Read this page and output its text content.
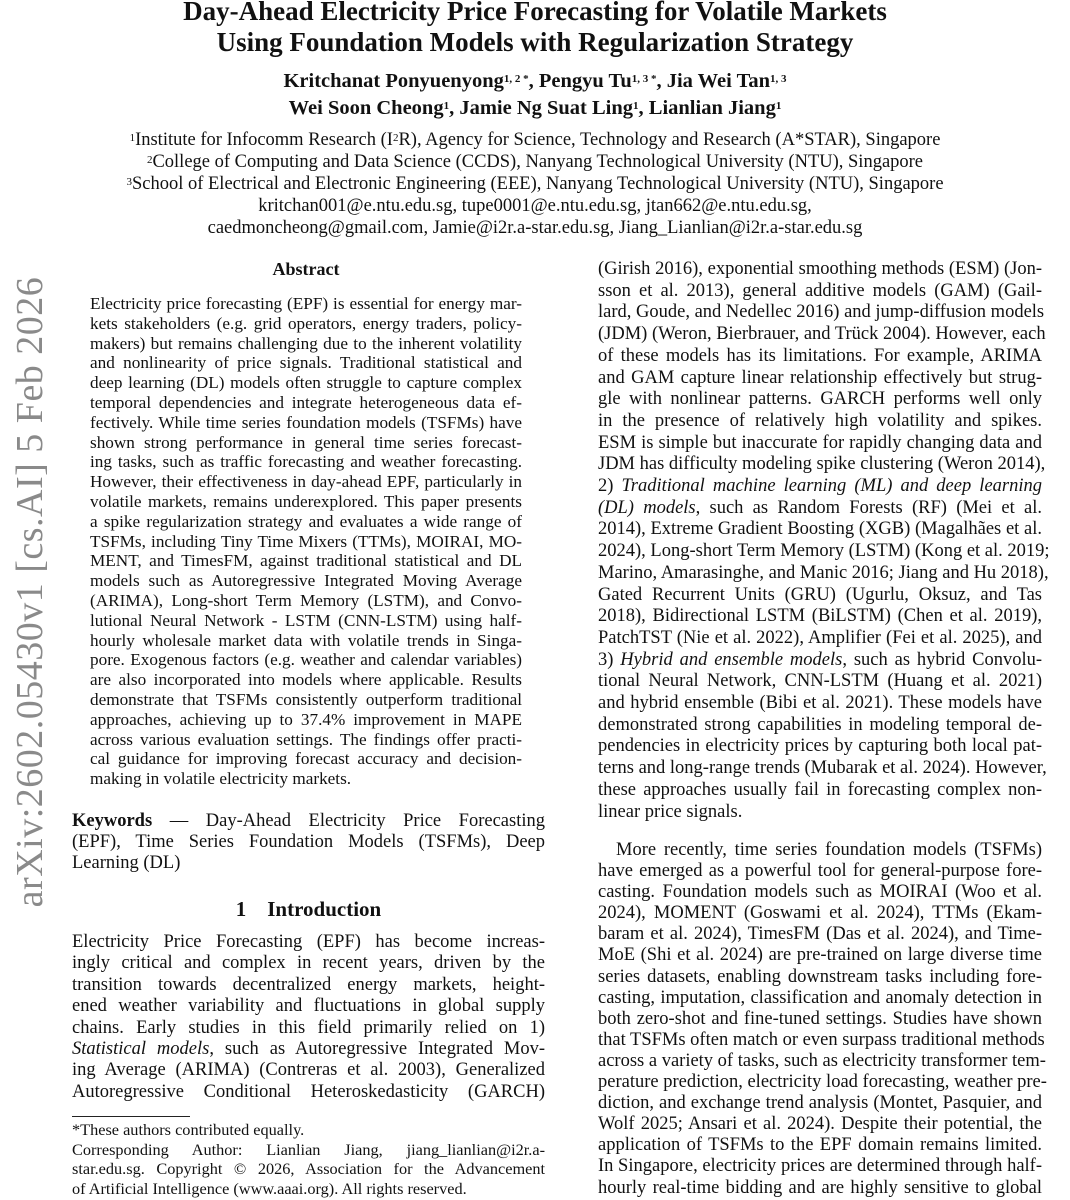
Day-Ahead Electricity Price Forecasting for Volatile Markets
Using Foundation Models with Regularization Strategy
Kritchanat Ponyuenyong$^{1, 2 *}$, Pengyu $Tu^{1, 3 *}$, Jia Wei Tan$^{1, 3}$
Wei Soon Cheong$^1$, Jamie Ng Suat Ling$^1$, Lianlian Jiang$^1$
$^1$Institute for Infocomm Research $(I^2R)$, Agency for Science, Technology and Research (A*STAR), Singapore
$^2$College of Computing and Data Science (CCDS), Nanyang Technological University (NTU), Singapore
$^3$School of Electrical and Electronic Engineering (EEE), Nanyang Technological University (NTU), Singapore
kritchan001@e.ntu.edu.sg, tupe0001@e.ntu.edu.sg, jtan662@e.ntu.edu.sg,
caedmoncheong@gmail.com, Jamie@i2r.a-star.edu.sg, Jiang_Lianlian@i2r.a-star.edu.sg
arXiv:2602.05430v1 [cs.AI] 5 Feb 2026
Abstract
Electricity price forecasting (EPF) is essential for energy mar-
kets stakeholders (e.g. grid operators, energy traders, policy-
makers) but remains challenging due to the inherent volatility
and nonlinearity of price signals. Traditional statistical and
deep learning (DL) models often struggle to capture complex
temporal dependencies and integrate heterogeneous data ef-
fectively. While time series foundation models (TSFMs) have
shown strong performance in general time series forecast-
ing tasks, such as traffic forecasting and weather forecasting.
However, their effectiveness in day-ahead EPF, particularly in
volatile markets, remains underexplored. This paper presents
a spike regularization strategy and evaluates a wide range of
TSFMs, including Tiny Time Mixers (TTMs), MOIRAI, MO-
MENT, and TimesFM, against traditional statistical and DL
models such as Autoregressive Integrated Moving Average
(ARIMA), Long-short Term Memory (LSTM), and Convo-
lutional Neural Network - LSTM (CNN-LSTM) using half-
hourly wholesale market data with volatile trends in Singa-
pore. Exogenous factors (e.g. weather and calendar variables)
are also incorporated into models where applicable. Results
demonstrate that TSFMs consistently outperform traditional
approaches, achieving up to 37.4% improvement in MAPE
across various evaluation settings. The findings offer practi-
cal guidance for improving forecast accuracy and decision-
making in volatile electricity markets.
Keywords — Day-Ahead Electricity Price Forecasting
(EPF), Time Series Foundation Models (TSFMs), Deep
Learning (DL)
1    Introduction
Electricity Price Forecasting (EPF) has become increas-
ingly critical and complex in recent years, driven by the
transition towards decentralized energy markets, height-
ened weather variability and fluctuations in global supply
chains. Early studies in this field primarily relied on 1)
Statistical models, such as Autoregressive Integrated Mov-
ing Average (ARIMA) (Contreras et al. 2003), Generalized
Autoregressive Conditional Heteroskedasticity (GARCH)
*These authors contributed equally.
Corresponding Author: Lianlian Jiang, jiang_lianlian@i2r.a-
star.edu.sg. Copyright © 2026, Association for the Advancement
of Artificial Intelligence (www.aaai.org). All rights reserved.
(Girish 2016), exponential smoothing methods (ESM) (Jon-
sson et al. 2013), general additive models (GAM) (Gail-
lard, Goude, and Nedellec 2016) and jump-diffusion models
(JDM) (Weron, Bierbrauer, and Trück 2004). However, each
of these models has its limitations. For example, ARIMA
and GAM capture linear relationship effectively but strug-
gle with nonlinear patterns. GARCH performs well only
in the presence of relatively high volatility and spikes.
ESM is simple but inaccurate for rapidly changing data and
JDM has difficulty modeling spike clustering (Weron 2014),
2) Traditional machine learning (ML) and deep learning
(DL) models, such as Random Forests (RF) (Mei et al.
2014), Extreme Gradient Boosting (XGB) (Magalhães et al.
2024), Long-short Term Memory (LSTM) (Kong et al. 2019;
Marino, Amarasinghe, and Manic 2016; Jiang and Hu 2018),
Gated Recurrent Units (GRU) (Ugurlu, Oksuz, and Tas
2018), Bidirectional LSTM (BiLSTM) (Chen et al. 2019),
PatchTST (Nie et al. 2022), Amplifier (Fei et al. 2025), and
3) Hybrid and ensemble models, such as hybrid Convolu-
tional Neural Network, CNN-LSTM (Huang et al. 2021)
and hybrid ensemble (Bibi et al. 2021). These models have
demonstrated strong capabilities in modeling temporal de-
pendencies in electricity prices by capturing both local pat-
terns and long-range trends (Mubarak et al. 2024). However,
these approaches usually fail in forecasting complex non-
linear price signals.
More recently, time series foundation models (TSFMs)
have emerged as a powerful tool for general-purpose fore-
casting. Foundation models such as MOIRAI (Woo et al.
2024), MOMENT (Goswami et al. 2024), TTMs (Ekam-
baram et al. 2024), TimesFM (Das et al. 2024), and Time-
MoE (Shi et al. 2024) are pre-trained on large diverse time
series datasets, enabling downstream tasks including fore-
casting, imputation, classification and anomaly detection in
both zero-shot and fine-tuned settings. Studies have shown
that TSFMs often match or even surpass traditional methods
across a variety of tasks, such as electricity transformer tem-
perature prediction, electricity load forecasting, weather pre-
diction, and exchange trend analysis (Montet, Pasquier, and
Wolf 2025; Ansari et al. 2024). Despite their potential, the
application of TSFMs to the EPF domain remains limited.
In Singapore, electricity prices are determined through half-
hourly real-time bidding and are highly sensitive to global
